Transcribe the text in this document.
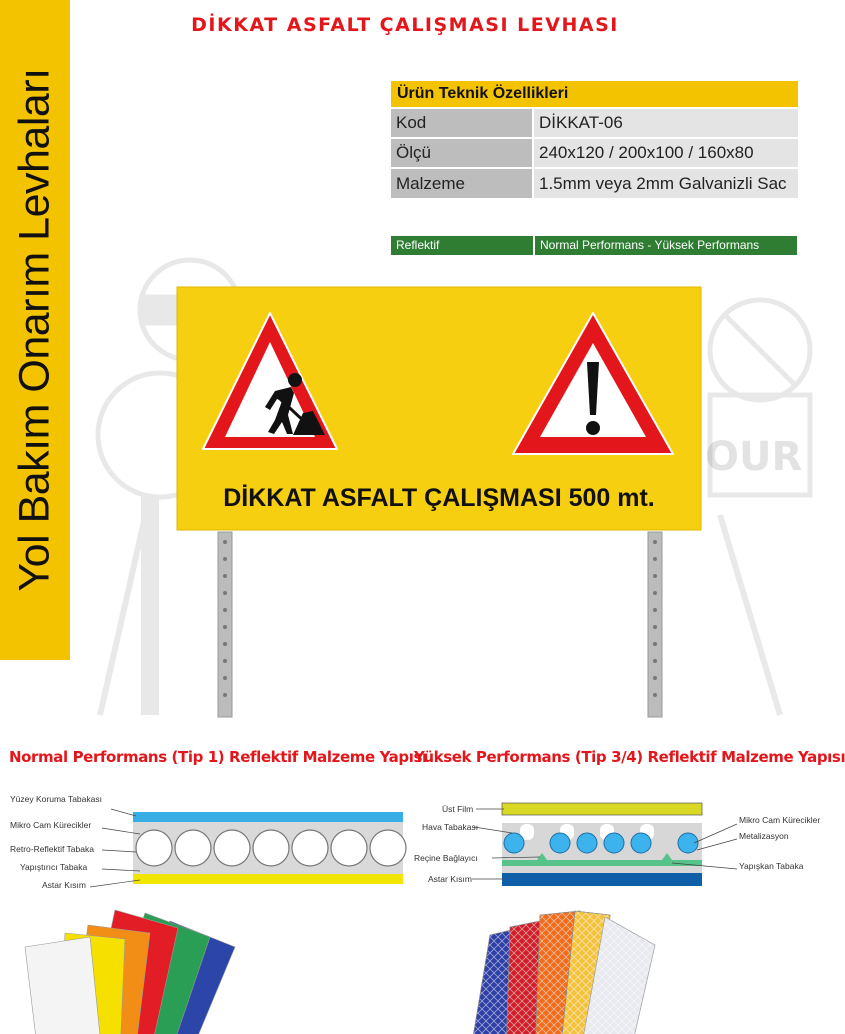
DİKKAT ASFALT ÇALIŞMASI LEVHASI
Yol Bakım Onarım Levhaları	Ürün Teknik Özellikleri	
Kod	DİKKAT-06
Ölçü	240x120 / 200x100 / 160x80
Malzeme	1.5mm veya 2mm Galvanizli Sac
Reflektif	Normal Performans - Yüksek Performans
OUR
DİKKAT ASFALT ÇALIŞMASI 500 mt.
Normal Performans (Tip 1) Reflektif Malzeme Yapısı
Yüksek Performans (Tip 3/4) Reflektif Malzeme Yapısı
Yüzey Koruma Tabakası
Mikro Cam Kürecikler
Retro-Reflektif Tabaka
Yapıştırıcı Tabaka
Astar Kısım
Üst Film
Hava Tabakası
Reçine Bağlayıcı
Astar Kısım
Mikro Cam Kürecikler
Metalizasyon
Yapışkan Tabaka
